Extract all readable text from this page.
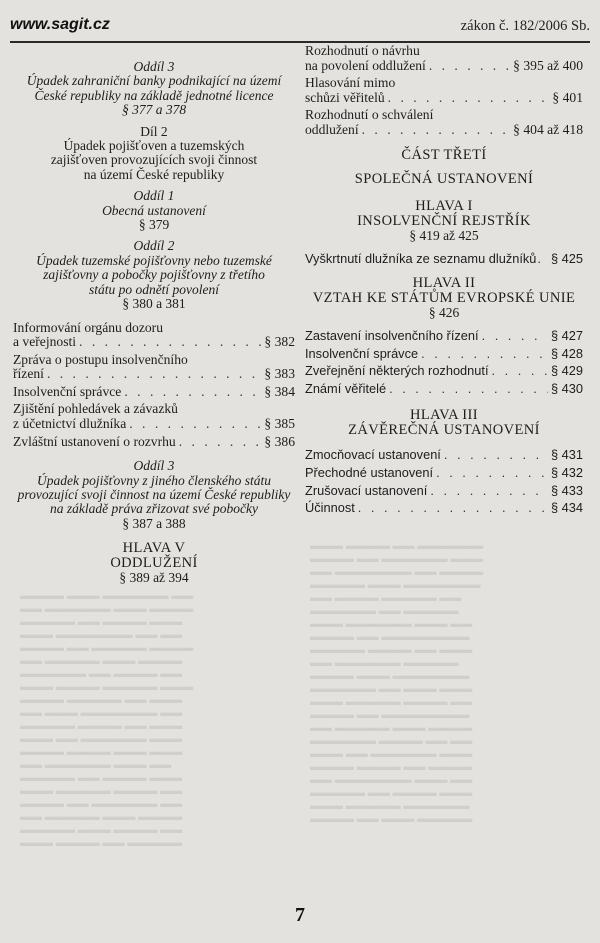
www.sagit.cz	zákon č. 182/2006 Sb.
▬▬▬ ▬▬▬▬ ▬▬ ▬▬▬▬▬▬
▬▬▬▬ ▬▬ ▬▬▬▬▬▬ ▬▬▬
▬▬ ▬▬▬▬▬▬▬ ▬▬ ▬▬▬▬
▬▬▬▬▬ ▬▬▬ ▬▬▬▬▬▬▬
▬▬ ▬▬▬▬ ▬▬▬▬▬ ▬▬
▬▬▬▬▬▬ ▬▬ ▬▬▬▬▬
▬▬▬ ▬▬▬▬▬▬ ▬▬▬ ▬▬
▬▬▬▬ ▬▬ ▬▬▬▬▬▬▬▬
▬▬▬▬▬ ▬▬▬▬ ▬▬ ▬▬▬
▬▬ ▬▬▬▬▬▬ ▬▬▬▬▬
▬▬▬▬ ▬▬▬ ▬▬▬▬▬▬▬
▬▬▬▬▬▬ ▬▬ ▬▬▬ ▬▬▬
▬▬▬ ▬▬▬▬▬ ▬▬▬▬ ▬▬
▬▬▬▬ ▬▬ ▬▬▬▬▬▬▬▬
▬▬ ▬▬▬▬▬ ▬▬▬ ▬▬▬▬
▬▬▬▬▬▬ ▬▬▬▬ ▬▬ ▬▬
▬▬▬ ▬▬ ▬▬▬▬▬▬ ▬▬▬
▬▬▬▬ ▬▬▬▬ ▬▬ ▬▬▬▬
▬▬ ▬▬▬▬▬▬▬ ▬▬▬ ▬▬
▬▬▬▬▬ ▬▬ ▬▬▬▬ ▬▬▬
▬▬▬ ▬▬▬▬▬ ▬▬▬▬▬▬
▬▬▬▬ ▬▬ ▬▬▬ ▬▬▬▬▬
▬▬▬▬ ▬▬▬ ▬▬▬▬▬▬ ▬▬
▬▬ ▬▬▬▬▬▬ ▬▬▬ ▬▬▬▬
▬▬▬▬▬ ▬▬ ▬▬▬▬ ▬▬▬
▬▬▬ ▬▬▬▬▬▬▬ ▬▬ ▬▬
▬▬▬▬ ▬▬ ▬▬▬▬▬ ▬▬▬▬
▬▬ ▬▬▬▬▬ ▬▬▬ ▬▬▬▬
▬▬▬▬▬▬ ▬▬ ▬▬▬▬ ▬▬
▬▬▬ ▬▬▬▬ ▬▬▬▬▬ ▬▬▬
▬▬▬▬ ▬▬▬▬▬ ▬▬ ▬▬▬
▬▬ ▬▬▬ ▬▬▬▬▬▬▬ ▬▬
▬▬▬▬▬ ▬▬▬▬ ▬▬ ▬▬▬
▬▬▬ ▬▬ ▬▬▬▬▬▬ ▬▬▬
▬▬▬▬ ▬▬▬▬ ▬▬▬ ▬▬▬
▬▬ ▬▬▬▬▬▬ ▬▬▬ ▬▬
▬▬▬▬▬ ▬▬ ▬▬▬▬ ▬▬▬
▬▬▬ ▬▬▬▬▬ ▬▬▬▬ ▬▬
▬▬▬▬ ▬▬ ▬▬▬▬▬▬ ▬▬
▬▬ ▬▬▬▬▬ ▬▬▬ ▬▬▬▬
▬▬▬▬▬ ▬▬▬ ▬▬▬▬ ▬▬
▬▬▬ ▬▬▬▬ ▬▬ ▬▬▬▬▬
Oddíl 3
Úpadek zahraniční banky podnikající na území
České republiky na základě jednotné licence
§ 377 a 378
Díl 2
Úpadek pojišťoven a tuzemských
zajišťoven provozujících svoji činnost
na území České republiky
Oddíl 1
Obecná ustanovení
§ 379
Oddíl 2
Úpadek tuzemské pojišťovny nebo tuzemské
zajišťovny a pobočky pojišťovny z třetího
státu po odnětí povolení
§ 380 a 381
Informování orgánu dozoru
a veřejnosti . . .	§ 382
Zpráva o postupu insolvenčního
řízení . . .	§ 383
Insolvenční správce . . .	§ 384
Zjištění pohledávek a závazků
z účetnictví dlužníka . . .	§ 385
Zvláštní ustanovení o rozvrhu . . .	§ 386
Oddíl 3
Úpadek pojišťovny z jiného členského státu
provozující svoji činnost na území České republiky
na základě práva zřizovat své pobočky
§ 387 a 388
HLAVA V
ODDLUŽENÍ
§ 389 až 394
Rozhodnutí o návrhu
na povolení oddlužení . . .	§ 395 až 400
Hlasování mimo
schůzi věřitelů . . .	§ 401
Rozhodnutí o schválení
oddlužení . . .	§ 404 až 418
ČÁST TŘETÍ
SPOLEČNÁ USTANOVENÍ
HLAVA I
INSOLVENČNÍ REJSTŘÍK
§ 419 až 425
Vyškrtnutí dlužníka ze seznamu dlužníků . . . § 425
HLAVA II
VZTAH KE STÁTŮM EVROPSKÉ UNIE
§ 426
Zastavení insolvenčního řízení . . .	§ 427
Insolvenční správce . . .	§ 428
Zveřejnění některých rozhodnutí . . .	§ 429
Známí věřitelé . . .	§ 430
HLAVA III
ZÁVĚREČNÁ USTANOVENÍ
Zmocňovací ustanovení . . .	§ 431
Přechodné ustanovení . . .	§ 432
Zrušovací ustanovení . . .	§ 433
Účinnost . . .	§ 434
7
